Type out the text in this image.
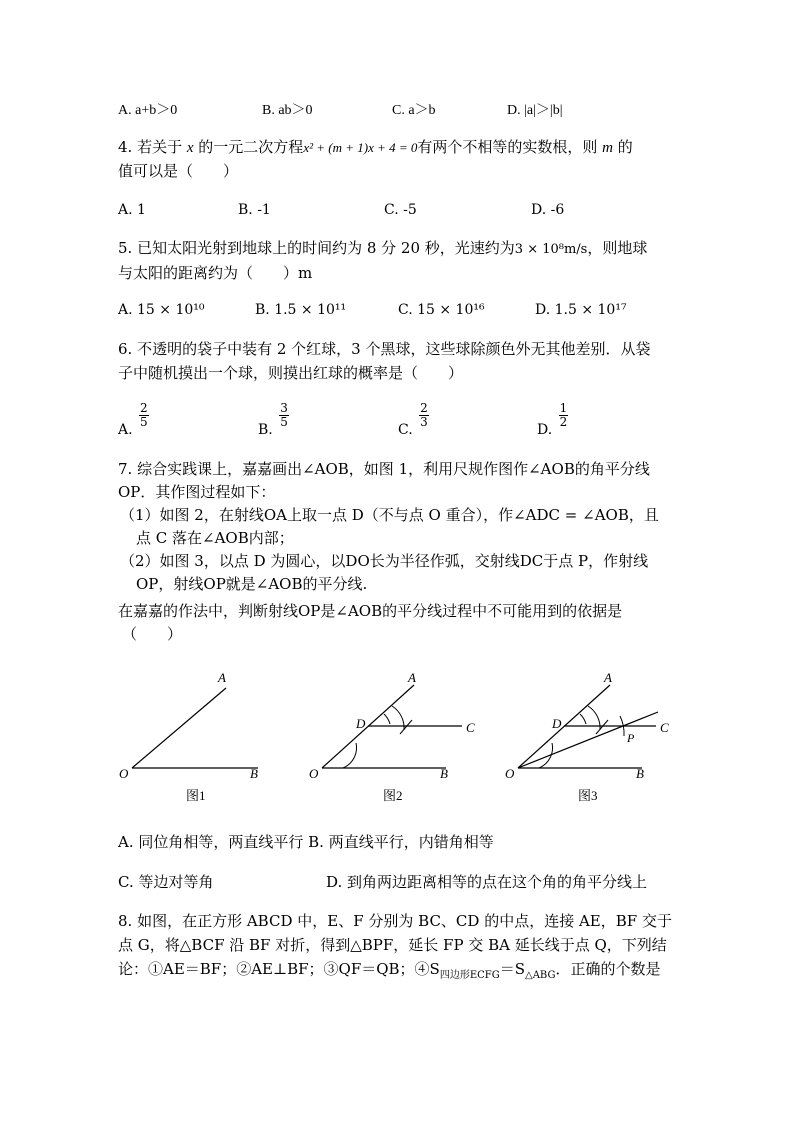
A. a+b＞0	B. ab＞0	C. a＞b	D. |a|＞|b|
4. 若关于 x 的一元二次方程x² + (m + 1)x + 4 = 0有两个不相等的实数根，则 m 的
值可以是（　　）
A. 1	B. -1	C. -5	D. -6
5. 已知太阳光射到地球上的时间约为 8 分 20 秒，光速约为3 × 10⁸m/s，则地球
与太阳的距离约为（　　）m
A. 15 × 10¹⁰	B. 1.5 × 10¹¹	C. 15 × 10¹⁶	D. 1.5 × 10¹⁷
6. 不透明的袋子中装有 2 个红球，3 个黑球，这些球除颜色外无其他差别．从袋
子中随机摸出一个球，则摸出红球的概率是（　　）
A.
$\frac{2}{5}$
B.
$\frac{3}{5}$
C.
$\frac{2}{3}$
D.
$\frac{1}{2}$
7. 综合实践课上，嘉嘉画出∠AOB，如图 1，利用尺规作图作∠AOB的角平分线
OP．其作图过程如下：
（1）如图 2，在射线OA上取一点 D（不与点 O 重合），作∠ADC = ∠AOB，且
点 C 落在∠AOB内部；
（2）如图 3，以点 D 为圆心，以DO长为半径作弧，交射线DC于点 P，作射线
OP，射线OP就是∠AOB的平分线.
在嘉嘉的作法中，判断射线OP是∠AOB的平分线过程中不可能用到的依据是
（　　）
A
O	B
图1
A
D	C
O	B
图2
A
D	C
P
O	B
图3
A. 同位角相等，两直线平行 B. 两直线平行，内错角相等
C. 等边对等角	D. 到角两边距离相等的点在这个角的角平分线上
8. 如图，在正方形 ABCD 中，E、F 分别为 BC、CD 的中点，连接 AE，BF 交于
点 G，将△BCF 沿 BF 对折，得到△BPF，延长 FP 交 BA 延长线于点 Q，下列结
论：①AE＝BF；②AE⊥BF；③QF＝QB；$④S_{四边形ECFG}=S_{\triangle ABG}$．正确的个数是
